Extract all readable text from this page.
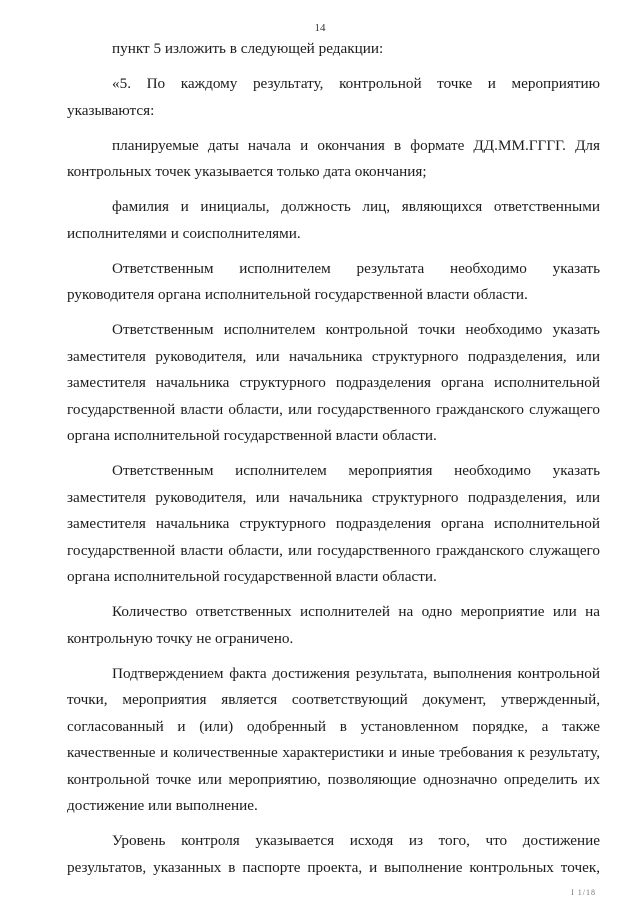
14

пункт 5 изложить в следующей редакции:

«5. По каждому результату, контрольной точке и мероприятию указываются:

планируемые даты начала и окончания в формате ДД.ММ.ГГГГ. Для контрольных точек указывается только дата окончания;

фамилия и инициалы, должность лиц, являющихся ответственными исполнителями и соисполнителями.

Ответственным исполнителем результата необходимо указать руководителя органа исполнительной государственной власти области.

Ответственным исполнителем контрольной точки необходимо указать заместителя руководителя, или начальника структурного подразделения, или заместителя начальника структурного подразделения органа исполнительной государственной власти области, или государственного гражданского служащего органа исполнительной государственной власти области.

Ответственным исполнителем мероприятия необходимо указать заместителя руководителя, или начальника структурного подразделения, или заместителя начальника структурного подразделения органа исполнительной государственной власти области, или государственного гражданского служащего органа исполнительной государственной власти области.

Количество ответственных исполнителей на одно мероприятие или на контрольную точку не ограничено.

Подтверждением факта достижения результата, выполнения контрольной точки, мероприятия является соответствующий документ, утвержденный, согласованный и (или) одобренный в установленном порядке, а также качественные и количественные характеристики и иные требования к результату, контрольной точке или мероприятию, позволяющие однозначно определить их достижение или выполнение.

Уровень контроля указывается исходя из того, что достижение результатов, указанных в паспорте проекта, и выполнение контрольных точек,

I 1/18
